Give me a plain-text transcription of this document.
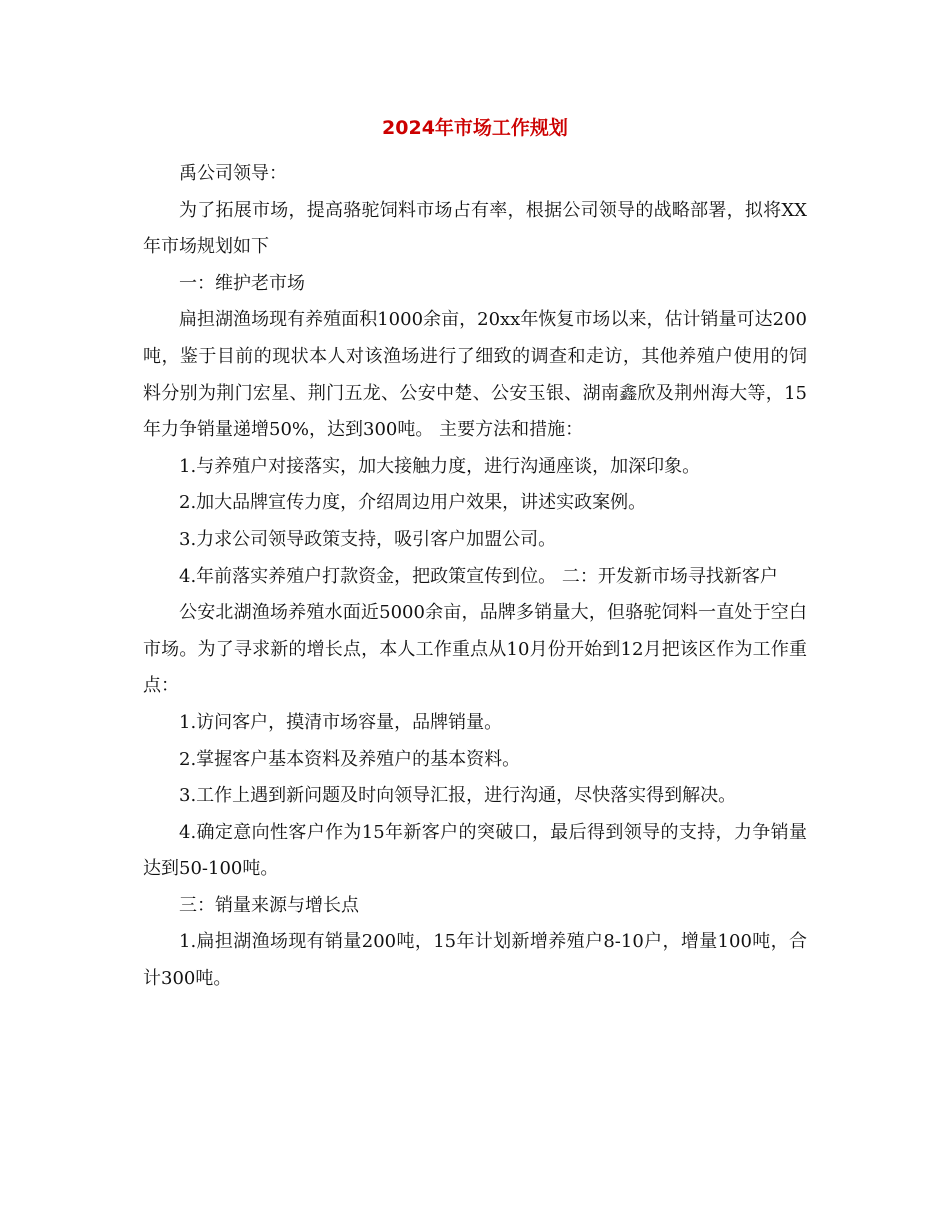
2024年市场工作规划

禹公司领导：

为了拓展市场，提高骆驼饲料市场占有率，根据公司领导的战略部署，拟将XX年市场规划如下

一：维护老市场

扁担湖渔场现有养殖面积1000余亩，20xx年恢复市场以来，估计销量可达200吨，鉴于目前的现状本人对该渔场进行了细致的调查和走访，其他养殖户使用的饲料分别为荆门宏星、荆门五龙、公安中楚、公安玉银、湖南鑫欣及荆州海大等，15年力争销量递增50%，达到300吨。 主要方法和措施：

1.与养殖户对接落实，加大接触力度，进行沟通座谈，加深印象。

2.加大品牌宣传力度，介绍周边用户效果，讲述实政案例。

3.力求公司领导政策支持，吸引客户加盟公司。

4.年前落实养殖户打款资金，把政策宣传到位。 二：开发新市场寻找新客户

公安北湖渔场养殖水面近5000余亩，品牌多销量大，但骆驼饲料一直处于空白市场。为了寻求新的增长点，本人工作重点从10月份开始到12月把该区作为工作重点：

1.访问客户，摸清市场容量，品牌销量。

2.掌握客户基本资料及养殖户的基本资料。

3.工作上遇到新问题及时向领导汇报，进行沟通，尽快落实得到解决。

4.确定意向性客户作为15年新客户的突破口，最后得到领导的支持，力争销量达到50-100吨。

三：销量来源与增长点

1.扁担湖渔场现有销量200吨，15年计划新增养殖户8-10户，增量100吨，合计300吨。
